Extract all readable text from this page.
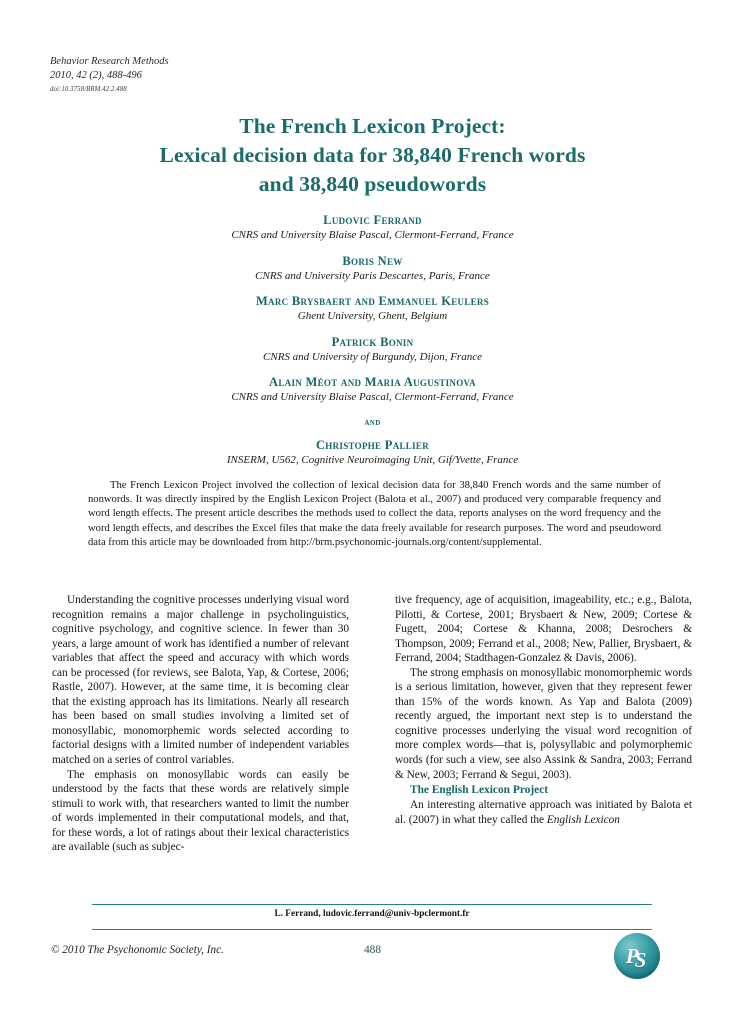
Behavior Research Methods
2010, 42 (2), 488-496
doi:10.3758/BRM.42.2.488
The French Lexicon Project:
Lexical decision data for 38,840 French words
and 38,840 pseudowords
Ludovic Ferrand
CNRS and University Blaise Pascal, Clermont-Ferrand, France
Boris New
CNRS and University Paris Descartes, Paris, France
Marc Brysbaert and Emmanuel Keulers
Ghent University, Ghent, Belgium
Patrick Bonin
CNRS and University of Burgundy, Dijon, France
Alain Méot and Maria Augustinova
CNRS and University Blaise Pascal, Clermont-Ferrand, France
and
Christophe Pallier
INSERM, U562, Cognitive Neuroimaging Unit, Gif/Yvette, France
The French Lexicon Project involved the collection of lexical decision data for 38,840 French words and the same number of nonwords. It was directly inspired by the English Lexicon Project (Balota et al., 2007) and produced very comparable frequency and word length effects. The present article describes the methods used to collect the data, reports analyses on the word frequency and the word length effects, and describes the Excel files that make the data freely available for research purposes. The word and pseudoword data from this article may be downloaded from http://brm.psychonomic-journals.org/content/supplemental.

Understanding the cognitive processes underlying visual word recognition remains a major challenge in psycholinguistics, cognitive psychology, and cognitive science. In fewer than 30 years, a large amount of work has identified a number of relevant variables that affect the speed and accuracy with which words can be processed (for reviews, see Balota, Yap, & Cortese, 2006; Rastle, 2007). However, at the same time, it is becoming clear that the existing approach has its limitations. Nearly all research has been based on small studies involving a limited set of monosyllabic, monomorphemic words selected according to factorial designs with a limited number of independent variables matched on a series of control variables.

The emphasis on monosyllabic words can easily be understood by the facts that these words are relatively simple stimuli to work with, that researchers wanted to limit the number of words implemented in their computational models, and that, for these words, a lot of ratings about their lexical characteristics are available (such as subjec-

tive frequency, age of acquisition, imageability, etc.; e.g., Balota, Pilotti, & Cortese, 2001; Brysbaert & New, 2009; Cortese & Fugett, 2004; Cortese & Khanna, 2008; Desrochers & Thompson, 2009; Ferrand et al., 2008; New, Pallier, Brysbaert, & Ferrand, 2004; Stadthagen-Gonzalez & Davis, 2006).

The strong emphasis on monosyllabic monomorphemic words is a serious limitation, however, given that they represent fewer than 15% of the words known. As Yap and Balota (2009) recently argued, the important next step is to understand the cognitive processes underlying the visual word recognition of more complex words—that is, polysyllabic and polymorphemic words (for such a view, see also Assink & Sandra, 2003; Ferrand & New, 2003; Ferrand & Segui, 2003).

The English Lexicon Project

An interesting alternative approach was initiated by Balota et al. (2007) in what they called the English Lexicon

L. Ferrand, ludovic.ferrand@univ-bpclermont.fr
© 2010 The Psychonomic Society, Inc.	488	PS
